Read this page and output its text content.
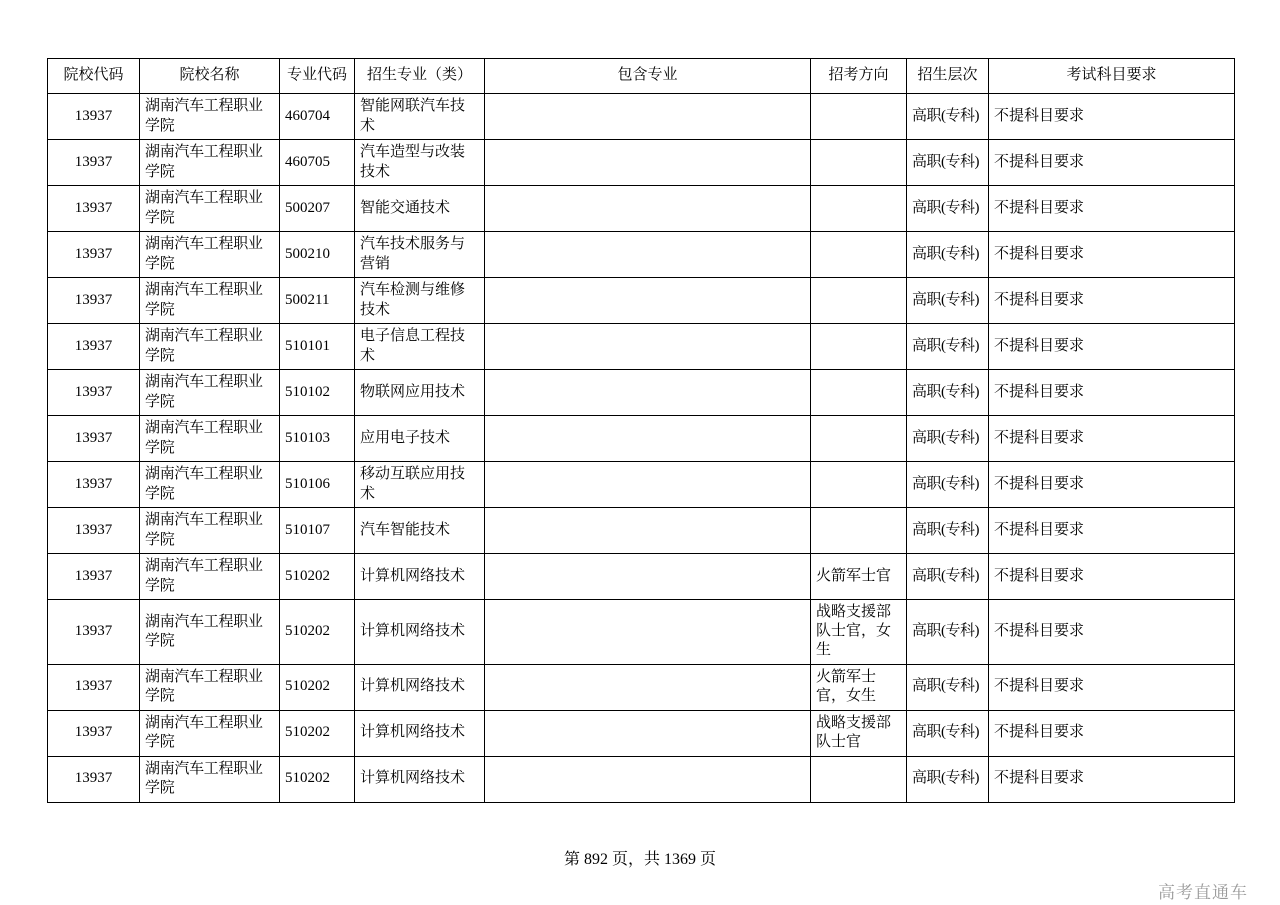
院校代码	院校名称	专业代码	招生专业（类）	包含专业	招考方向	招生层次	考试科目要求
13937	湖南汽车工程职业学院	460704	智能网联汽车技术			高职(专科)	不提科目要求
13937	湖南汽车工程职业学院	460705	汽车造型与改装技术			高职(专科)	不提科目要求
13937	湖南汽车工程职业学院	500207	智能交通技术			高职(专科)	不提科目要求
13937	湖南汽车工程职业学院	500210	汽车技术服务与营销			高职(专科)	不提科目要求
13937	湖南汽车工程职业学院	500211	汽车检测与维修技术			高职(专科)	不提科目要求
13937	湖南汽车工程职业学院	510101	电子信息工程技术			高职(专科)	不提科目要求
13937	湖南汽车工程职业学院	510102	物联网应用技术			高职(专科)	不提科目要求
13937	湖南汽车工程职业学院	510103	应用电子技术			高职(专科)	不提科目要求
13937	湖南汽车工程职业学院	510106	移动互联应用技术			高职(专科)	不提科目要求
13937	湖南汽车工程职业学院	510107	汽车智能技术			高职(专科)	不提科目要求
13937	湖南汽车工程职业学院	510202	计算机网络技术		火箭军士官	高职(专科)	不提科目要求
13937	湖南汽车工程职业学院	510202	计算机网络技术		战略支援部队士官，女生	高职(专科)	不提科目要求
13937	湖南汽车工程职业学院	510202	计算机网络技术		火箭军士官，女生	高职(专科)	不提科目要求
13937	湖南汽车工程职业学院	510202	计算机网络技术		战略支援部队士官	高职(专科)	不提科目要求
13937	湖南汽车工程职业学院	510202	计算机网络技术			高职(专科)	不提科目要求
第 892 页，共 1369 页
高考直通车
